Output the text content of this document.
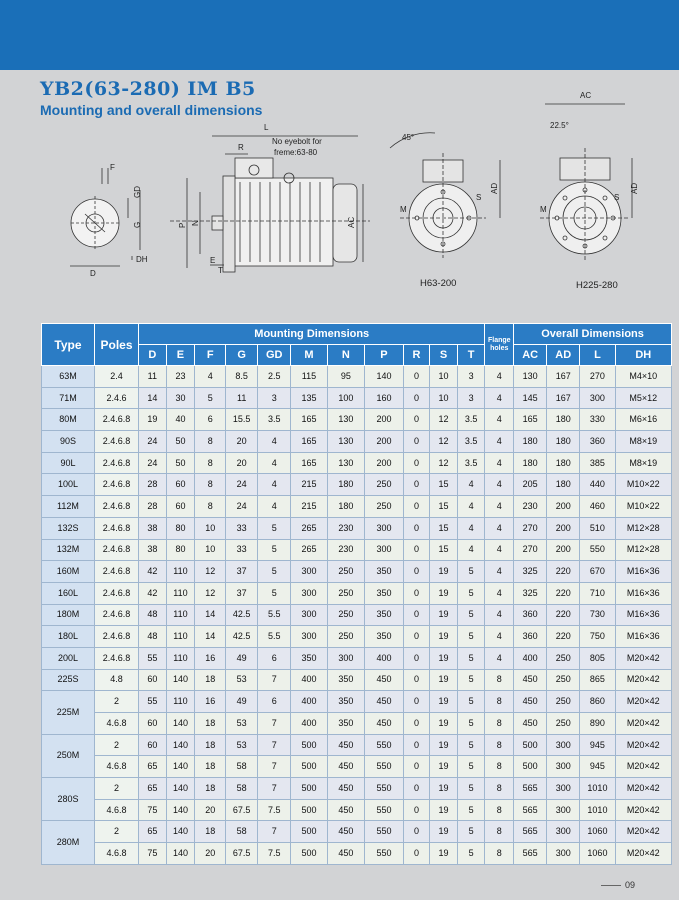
YB2(63-280) IM B5
Mounting and overall dimensions
F
GD
G
D
DH
L
R
P N
E
T
AC
No eyebolt for
freme:63-80
45°
S
AD
M
H63-200
AC
22.5°
S
AD
M
H225-280
Type	Poles	Mounting Dimensions											Flange holes	Overall Dimensions			
		D	E	F	G	GD	M	N	P	R	S	T		AC	AD	L	DH
63M	2.4	11	23	4	8.5	2.5	115	95	140	0	10	3	4	130	167	270	M4×10
71M	2.4.6	14	30	5	11	3	135	100	160	0	10	3	4	145	167	300	M5×12
80M	2.4.6.8	19	40	6	15.5	3.5	165	130	200	0	12	3.5	4	165	180	330	M6×16
90S	2.4.6.8	24	50	8	20	4	165	130	200	0	12	3.5	4	180	180	360	M8×19
90L	2.4.6.8	24	50	8	20	4	165	130	200	0	12	3.5	4	180	180	385	M8×19
100L	2.4.6.8	28	60	8	24	4	215	180	250	0	15	4	4	205	180	440	M10×22
112M	2.4.6.8	28	60	8	24	4	215	180	250	0	15	4	4	230	200	460	M10×22
132S	2.4.6.8	38	80	10	33	5	265	230	300	0	15	4	4	270	200	510	M12×28
132M	2.4.6.8	38	80	10	33	5	265	230	300	0	15	4	4	270	200	550	M12×28
160M	2.4.6.8	42	110	12	37	5	300	250	350	0	19	5	4	325	220	670	M16×36
160L	2.4.6.8	42	110	12	37	5	300	250	350	0	19	5	4	325	220	710	M16×36
180M	2.4.6.8	48	110	14	42.5	5.5	300	250	350	0	19	5	4	360	220	730	M16×36
180L	2.4.6.8	48	110	14	42.5	5.5	300	250	350	0	19	5	4	360	220	750	M16×36
200L	2.4.6.8	55	110	16	49	6	350	300	400	0	19	5	4	400	250	805	M20×42
225S	4.8	60	140	18	53	7	400	350	450	0	19	5	8	450	250	865	M20×42
225M	2	55	110	16	49	6	400	350	450	0	19	5	8	450	250	860	M20×42
	4.6.8	60	140	18	53	7	400	350	450	0	19	5	8	450	250	890	M20×42
250M	2	60	140	18	53	7	500	450	550	0	19	5	8	500	300	945	M20×42
	4.6.8	65	140	18	58	7	500	450	550	0	19	5	8	500	300	945	M20×42
280S	2	65	140	18	58	7	500	450	550	0	19	5	8	565	300	1010	M20×42
	4.6.8	75	140	20	67.5	7.5	500	450	550	0	19	5	8	565	300	1010	M20×42
280M	2	65	140	18	58	7	500	450	550	0	19	5	8	565	300	1060	M20×42
	4.6.8	75	140	20	67.5	7.5	500	450	550	0	19	5	8	565	300	1060	M20×42
09
